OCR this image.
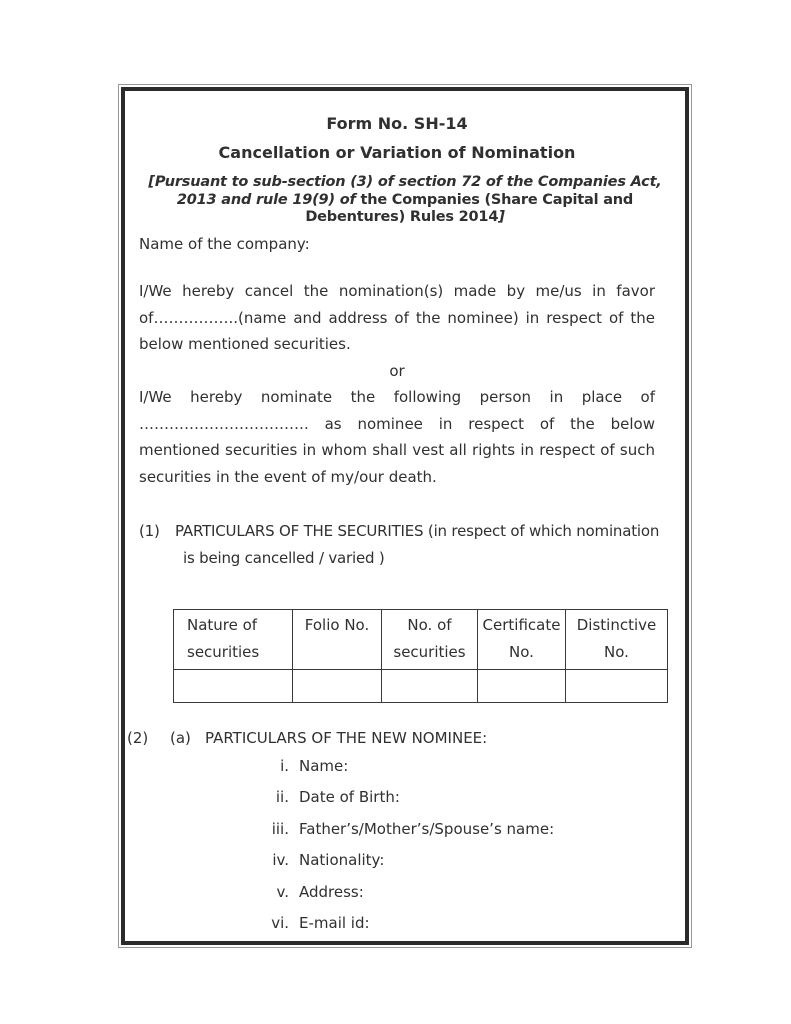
Form No. SH-14
Cancellation or Variation of Nomination
[Pursuant to sub-section (3) of section 72 of the Companies Act, 2013 and rule 19(9) of the Companies (Share Capital and Debentures) Rules 2014]
Name of the company:

I/We hereby cancel the nomination(s) made by me/us in favor of……………..(name and address of the nominee) in respect of the below mentioned securities.

or

I/We hereby nominate the following person in place of ……………………………. as nominee in respect of the below mentioned securities in whom shall vest all rights in respect of such securities in the event of my/our death.

(1)	PARTICULARS OF THE SECURITIES (in respect of which nomination is being cancelled / varied )
Nature of securities	Folio No.	No. of securities	Certificate No.	Distinctive No.

(2)	(a) PARTICULARS OF THE NEW NOMINEE:
i. Name:
ii. Date of Birth:
iii. Father’s/Mother’s/Spouse’s name:
iv. Nationality:
v. Address:
vi. E-mail id:
